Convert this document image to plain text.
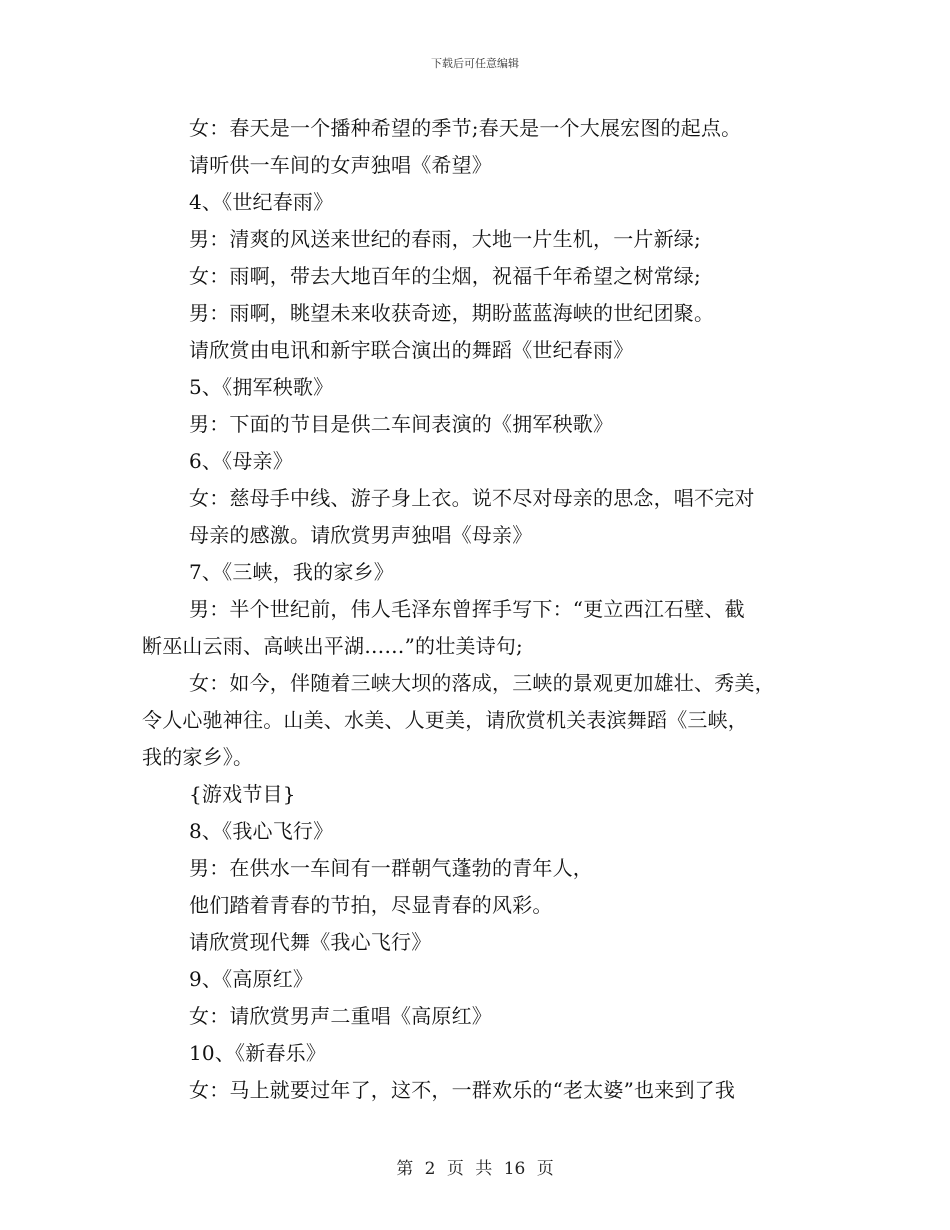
下载后可任意编辑
女：春天是一个播种希望的季节;春天是一个大展宏图的起点。
请听供一车间的女声独唱《希望》
4、《世纪春雨》
男：清爽的风送来世纪的春雨，大地一片生机，一片新绿;
女：雨啊，带去大地百年的尘烟，祝福千年希望之树常绿;
男：雨啊，眺望未来收获奇迹，期盼蓝蓝海峡的世纪团聚。
请欣赏由电讯和新宇联合演出的舞蹈《世纪春雨》
5、《拥军秧歌》
男：下面的节目是供二车间表演的《拥军秧歌》
6、《母亲》
女：慈母手中线、游子身上衣。说不尽对母亲的思念，唱不完对
母亲的感激。请欣赏男声独唱《母亲》
7、《三峡，我的家乡》
男：半个世纪前，伟人毛泽东曾挥手写下：“更立西江石壁、截
断巫山云雨、高峡出平湖……”的壮美诗句;
女：如今，伴随着三峡大坝的落成，三峡的景观更加雄壮、秀美，
令人心驰神往。山美、水美、人更美，请欣赏机关表滨舞蹈《三峡，
我的家乡》。
{游戏节目}
8、《我心飞行》
男：在供水一车间有一群朝气蓬勃的青年人，
他们踏着青春的节拍，尽显青春的风彩。
请欣赏现代舞《我心飞行》
9、《高原红》
女：请欣赏男声二重唱《高原红》
10、《新春乐》
女：马上就要过年了，这不，一群欢乐的“老太婆”也来到了我
第 2 页 共 16 页
